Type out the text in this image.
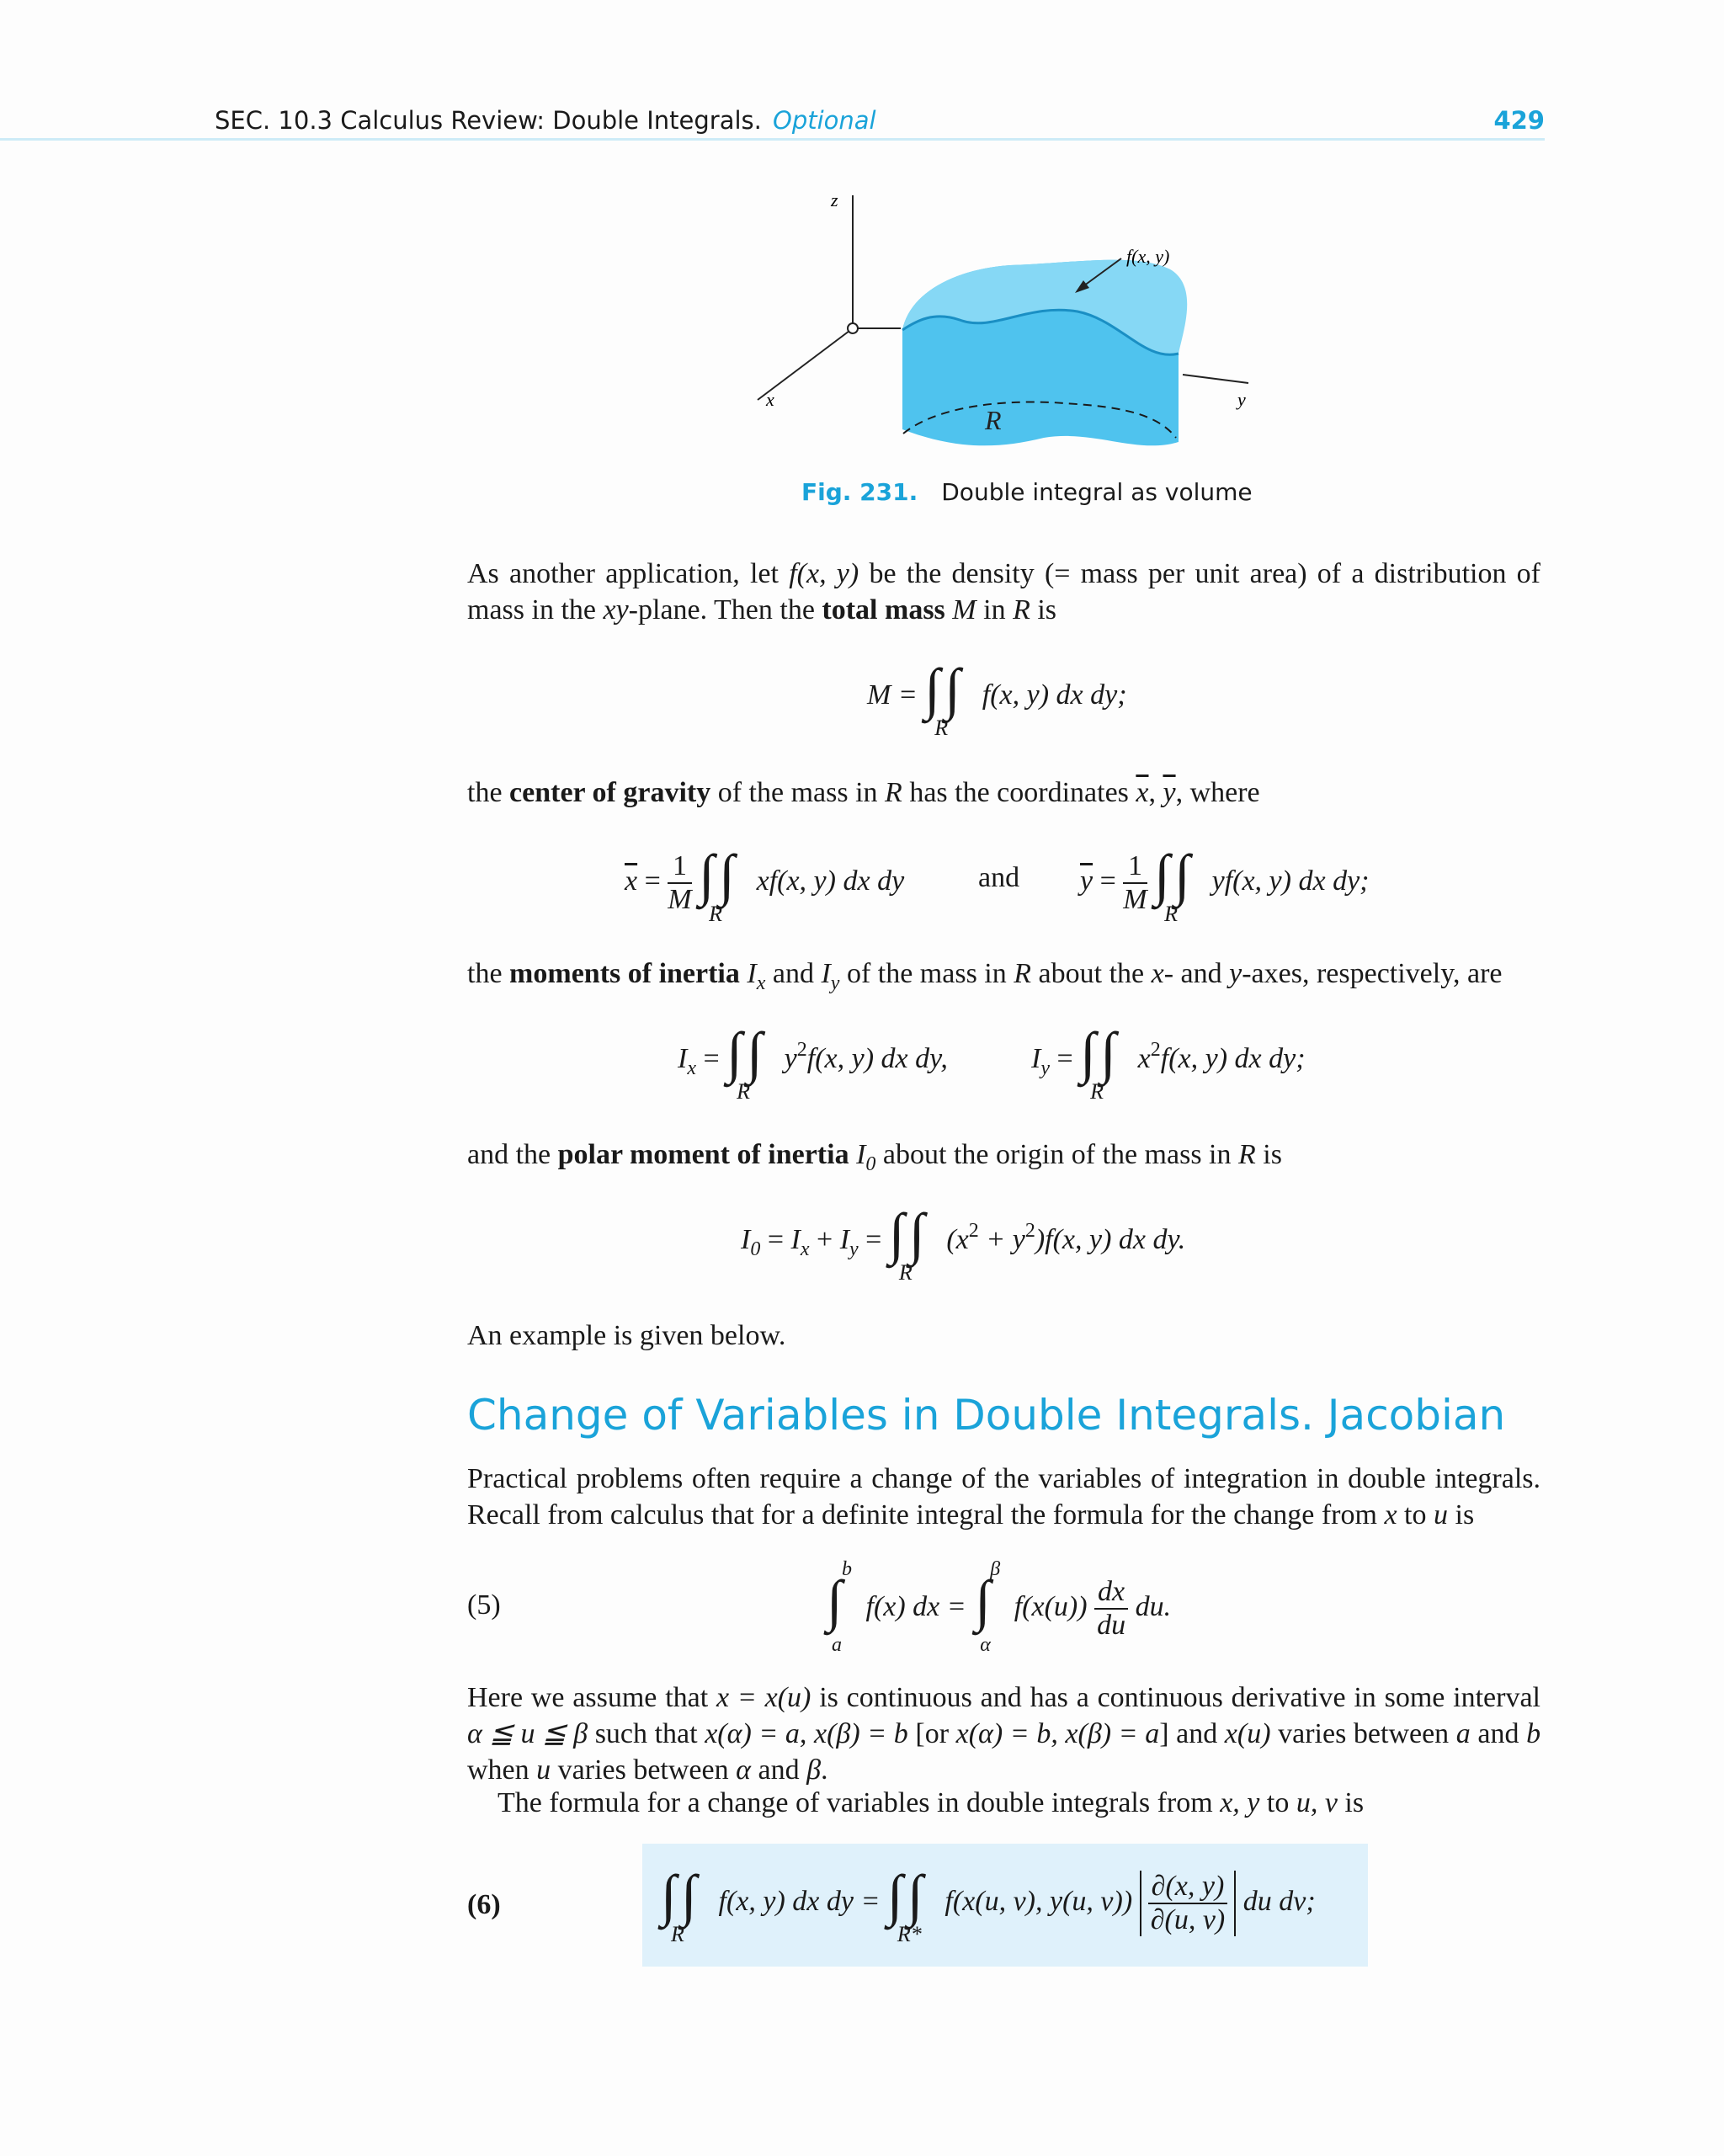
SEC. 10.3 Calculus Review: Double Integrals. Optional	429
z
x	y
f(x, y)
R
Fig. 231. Double integral as volume
As another application, let f(x, y) be the density (= mass per unit area) of a distribution of mass in the xy-plane. Then the total mass M in R is
M = ∫ ∫
R
f(x, y) dx dy;
the center of gravity of the mass in R has the coordinates $\overline{x}$, $\overline{y}$, where
$\overline{x} = \frac{1}{M}$
∫ ∫
R
xf(x, y) dx dy	and $\overline{y} = \frac{1}{M}$
∫ ∫
R
yf(x, y) dx dy;
the moments of inertia $I_x$ and $I_y$ of the mass in R about the x- and y-axes, respectively, are
$I_x$ = ∫ ∫
R
$y^2f(x$, y) dx dy,	$I_y$ = ∫ ∫
R
$x^2f(x$, y) dx dy;
and the polar moment of inertia $I_0$ about the origin of the mass in R is
$I_0 = I_x + I_y$ = ∫ ∫
R
$(x^2 + y^2)f(x$, y) dx dy.
An example is given below.
Change of Variables in Double Integrals. Jacobian
Practical problems often require a change of the variables of integration in double integrals. Recall from calculus that for a definite integral the formula for the change from x to u is
(5)	∫ b
a
f(x) dx = ∫ β
α
$f(x(u)) \frac{dx}{du}$ du.
Here we assume that x = x(u) is continuous and has a continuous derivative in some interval α ≦ u ≦ β such that x(α) = a, x(β) = b [or x(α) = b, x(β) = a] and x(u) varies between a and b when u varies between α and β.
The formula for a change of variables in double integrals from x, y to u, v is
(6)	∫ ∫
R
f(x, y) dx dy = ∫ ∫
R*
f(x(u, v), y(u, $v)) \frac{\partial(x, y)}{\partial(u, v)}$ du dv;
